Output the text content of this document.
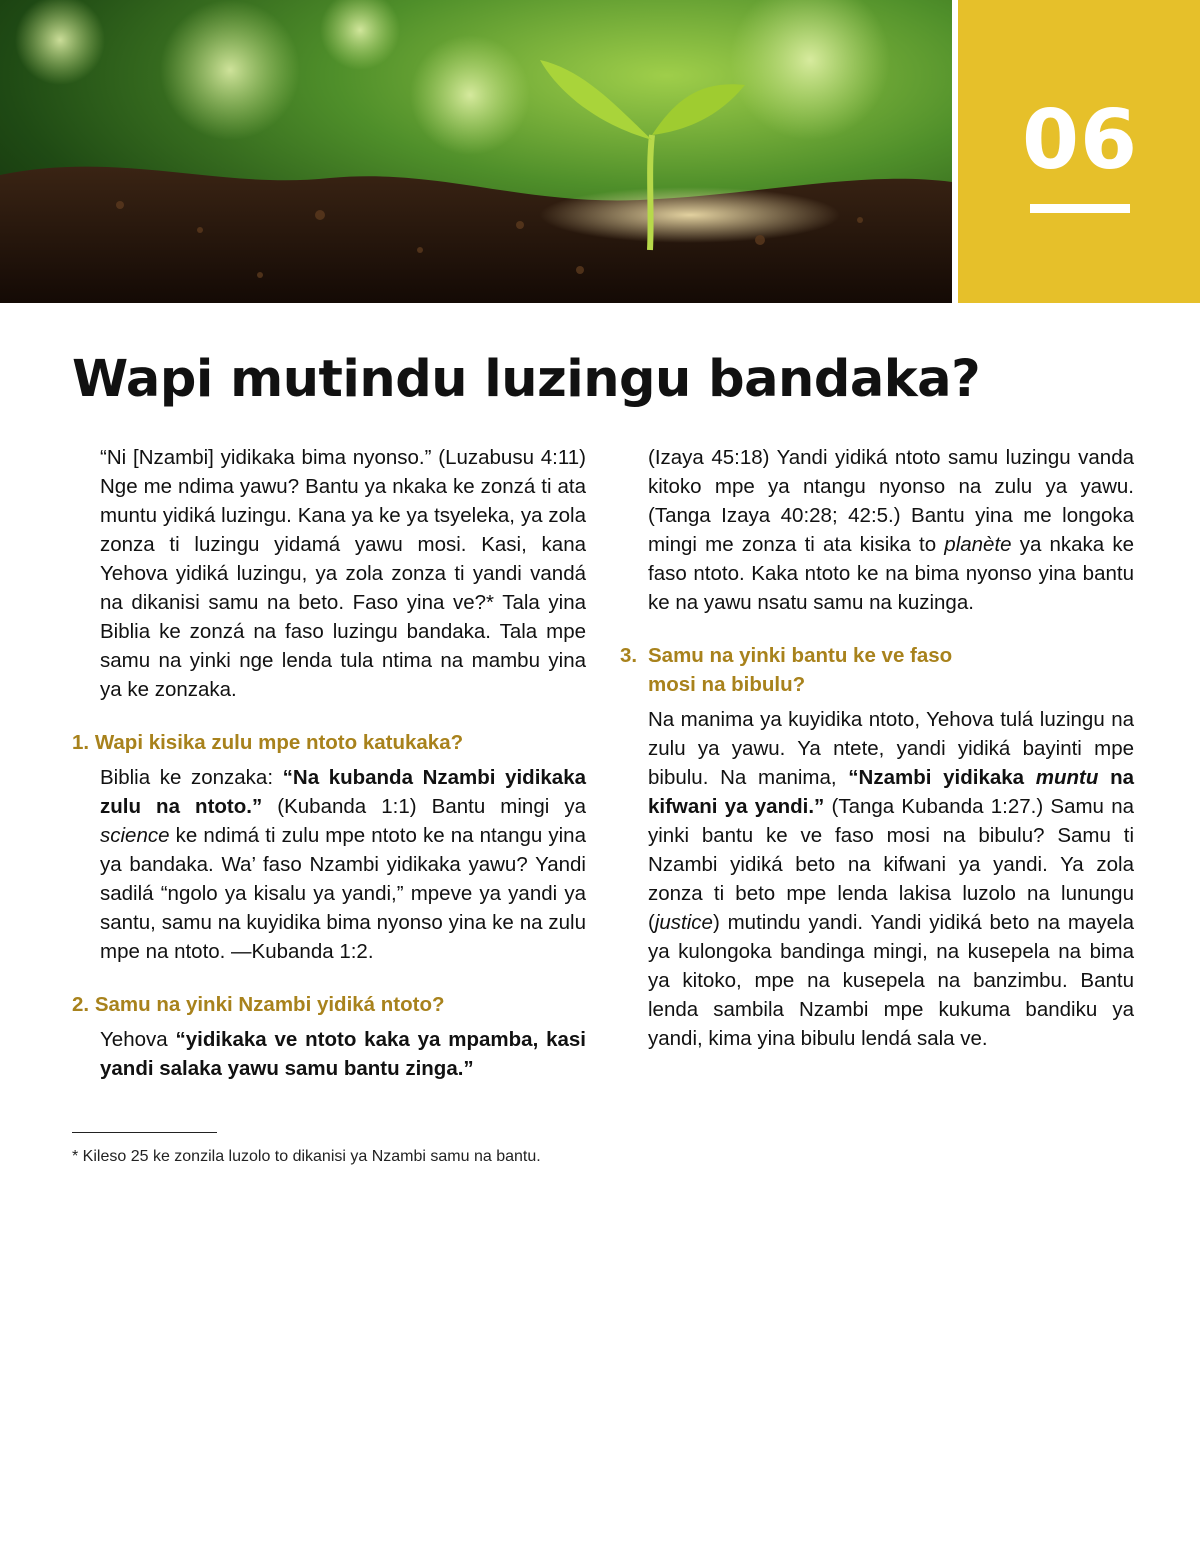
06
Wapi mutindu luzingu bandaka?

“Ni [Nzambi] yidikaka bima nyonso.” (Luzabusu 4:11) Nge me ndima yawu? Bantu ya nkaka ke zonzá ti ata muntu yidiká luzingu. Kana ya ke ya tsyeleka, ya zola zonza ti luzingu yidamá yawu mosi. Kasi, kana Yehova yidiká luzingu, ya zola zonza ti yandi vandá na dikanisi samu na beto. Faso yina ve?* Tala yina Biblia ke zonzá na faso luzingu bandaka. Tala mpe samu na yinki nge lenda tula ntima na mambu yina ya ke zonzaka.

1. Wapi kisika zulu mpe ntoto katukaka?

Biblia ke zonzaka: “Na kubanda Nzambi yidikaka zulu na ntoto.” (Kubanda 1:1) Bantu mingi ya science ke ndimá ti zulu mpe ntoto ke na ntangu yina ya bandaka. Wa’ faso Nzambi yidikaka yawu? Yandi sadilá “ngolo ya kisalu ya yandi,” mpeve ya yandi ya santu, samu na kuyidika bima nyonso yina ke na zulu mpe na ntoto. —Kubanda 1:2.

2. Samu na yinki Nzambi yidiká ntoto?

Yehova “yidikaka ve ntoto kaka ya mpamba, kasi yandi salaka yawu samu bantu zinga.”

* Kileso 25 ke zonzila luzolo to dikanisi ya Nzambi samu na bantu.

(Izaya 45:18) Yandi yidiká ntoto samu luzingu vanda kitoko mpe ya ntangu nyonso na zulu ya yawu. (Tanga Izaya 40:28; 42:5.) Bantu yina me longoka mingi me zonza ti ata kisika to planète ya nkaka ke faso ntoto. Kaka ntoto ke na bima nyonso yina bantu ke na yawu nsatu samu na kuzinga.

3. Samu na yinki bantu ke ve faso
mosi na bibulu?

Na manima ya kuyidika ntoto, Yehova tulá luzingu na zulu ya yawu. Ya ntete, yandi yidiká bayinti mpe bibulu. Na manima, “Nzambi yidikaka muntu na kifwani ya yandi.” (Tanga Kubanda 1:27.) Samu na yinki bantu ke ve faso mosi na bibulu? Samu ti Nzambi yidiká beto na kifwani ya yandi. Ya zola zonza ti beto mpe lenda lakisa luzolo na lunungu (justice) mutindu yandi. Yandi yidiká beto na mayela ya kulongoka bandinga mingi, na kusepela na bima ya kitoko, mpe na kusepela na banzimbu. Bantu lenda sambila Nzambi mpe kukuma bandiku ya yandi, kima yina bibulu lendá sala ve.
